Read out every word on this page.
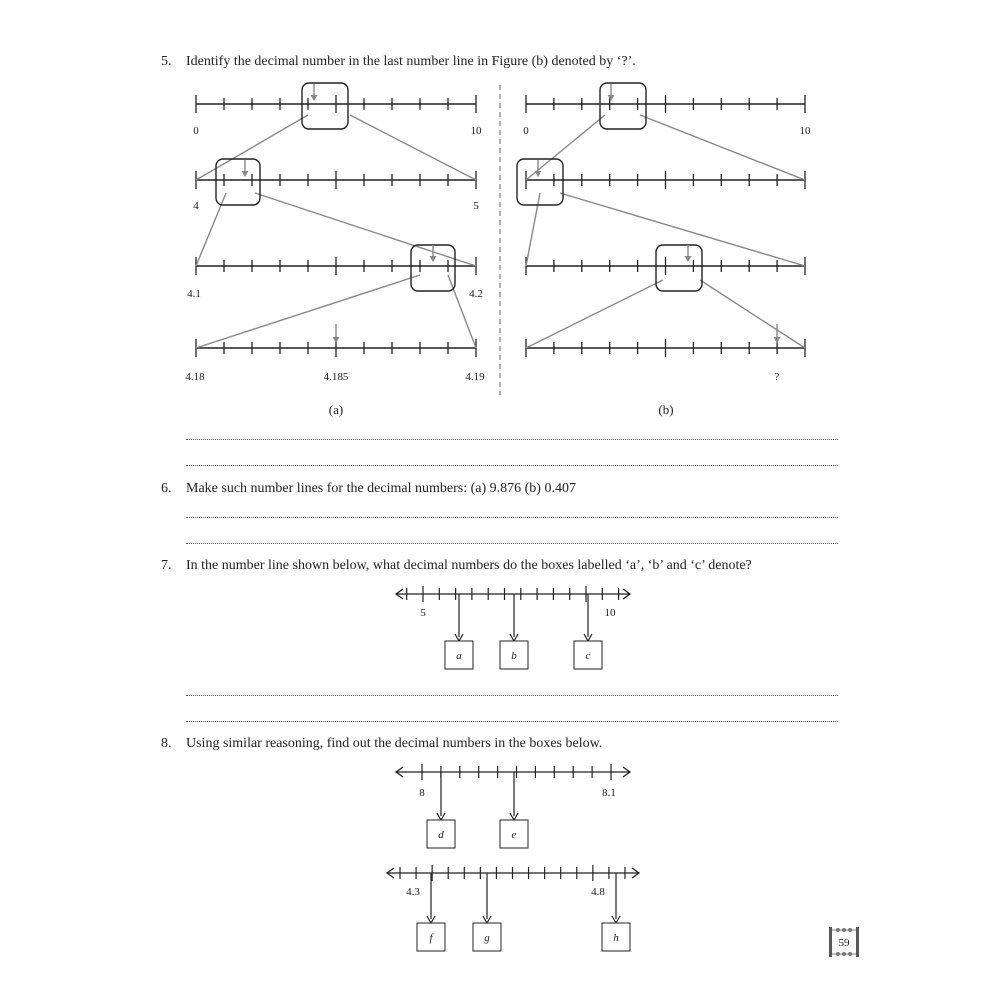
5. Identify the decimal number in the last number line in Figure (b) denoted by ‘?’.
0	10
4	5
4.1	4.2
4.18	4.185	4.19
(a)
0	10
?
(b)
5	10
a	b	c
8	8.1
d	e
4.3	4.8
f	g	h
6. Make such number lines for the decimal numbers: (a) 9.876 (b) 0.407
7. In the number line shown below, what decimal numbers do the boxes labelled ‘a’, ‘b’ and ‘c’ denote?
8. Using similar reasoning, find out the decimal numbers in the boxes below.
59
